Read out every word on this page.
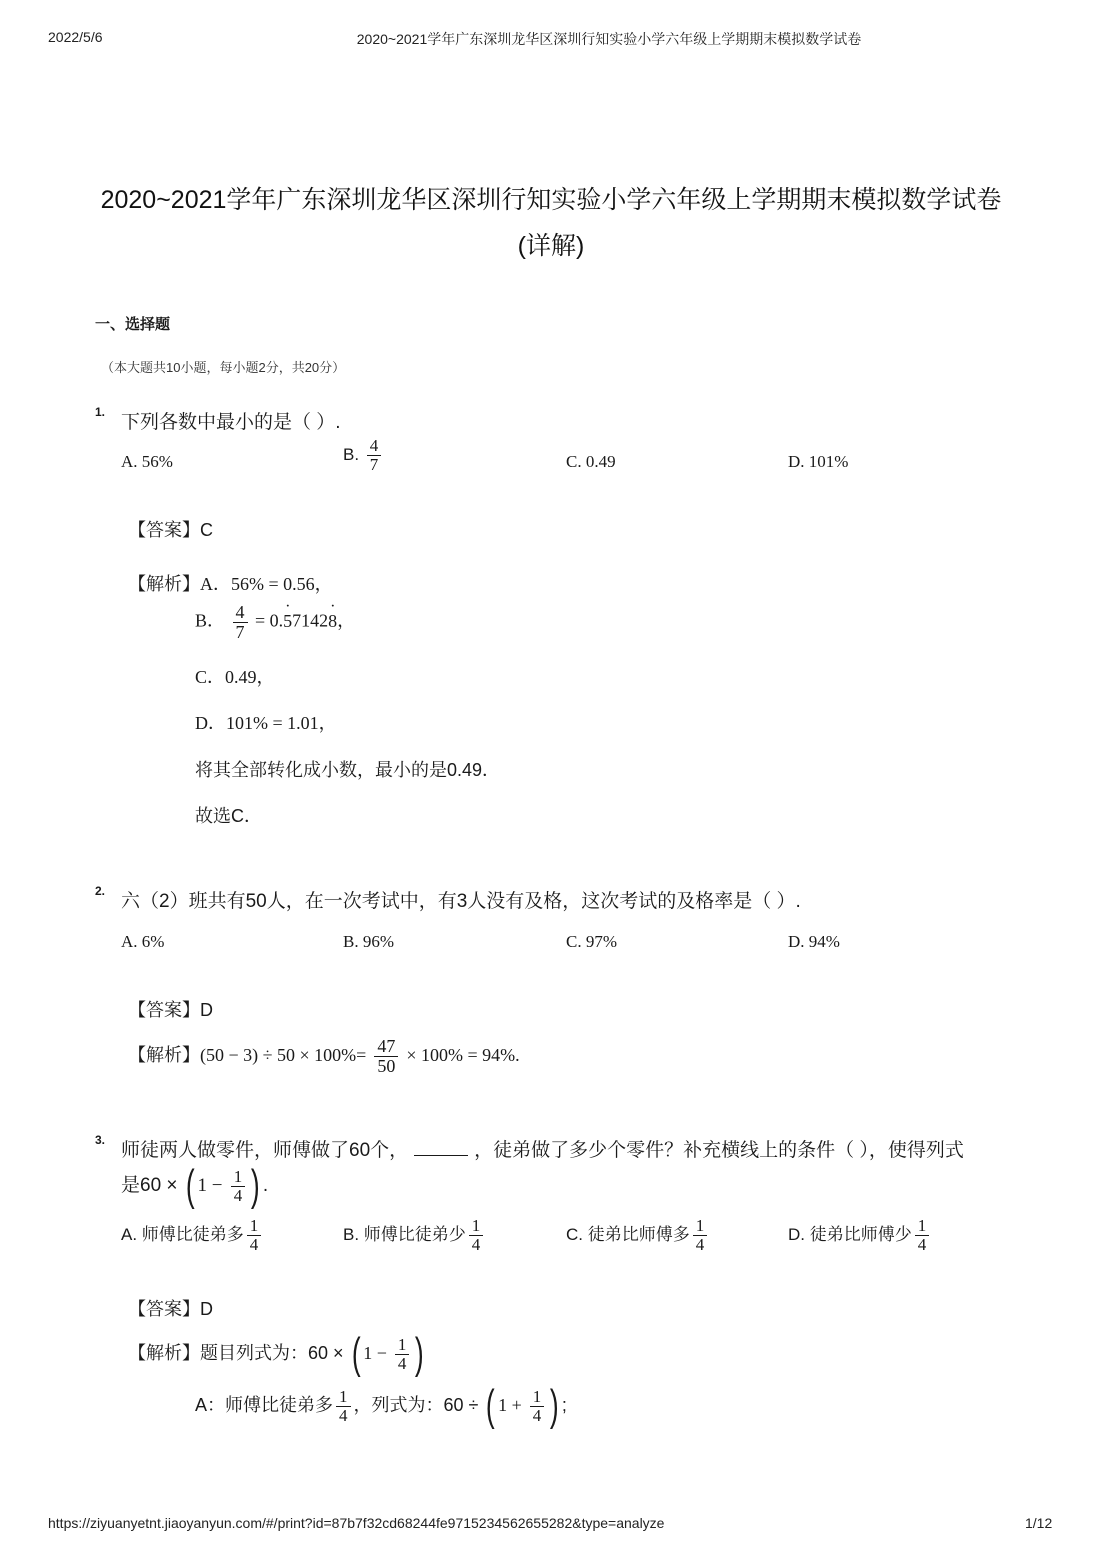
2022/5/6	2020~2021学年广东深圳龙华区深圳行知实验小学六年级上学期期末模拟数学试卷
2020~2021学年广东深圳龙华区深圳行知实验小学六年级上学期期末模拟数学试卷
(详解)
一、选择题
（本大题共10小题，每小题2分，共20分）
1. 下列各数中最小的是（ ）.
A. 56%	B. $\frac{4}{7}$	C. 0.49	D. 101%
【答案】C
【解析】A．56% = 0.56，
B． $\frac{4}{7} = 0.\cdot 57142\cdot 8$，
C．0.49，
D．101% = 1.01，
将其全部转化成小数，最小的是0.49．
故选C．
2. 六（2）班共有50人，在一次考试中，有3人没有及格，这次考试的及格率是（ ）.
A. 6%	B. 96%	C. 97%	D. 94%
【答案】D
【解析】$(50 - 3) \div 50 \times 100\%= \frac{47}{50} \times 100\% = 94\%$.
3. 师徒两人做零件，师傅做了60个，	，徒弟做了多少个零件？补充横线上的条件（ ），使得列式
是60 × ( $1 - \frac{1}{4}$ ) .
A. 师傅比徒弟多 $\frac{1}{4}$	B. 师傅比徒弟少 $\frac{1}{4}$	C. 徒弟比师傅多 $\frac{1}{4}$	D. 徒弟比师傅少 $\frac{1}{4}$
【答案】D
【解析】题目列式为：60 × ( $1 - \frac{1}{4}$ )
A：师傅比徒弟多 $\frac{1}{4}$ ，列式为：60 ÷ ( $1 + \frac{1}{4}$ ) ;
https://ziyuanyetnt.jiaoyanyun.com/#/print?id=87b7f32cd68244fe9715234562655282&type=analyze	1/12
